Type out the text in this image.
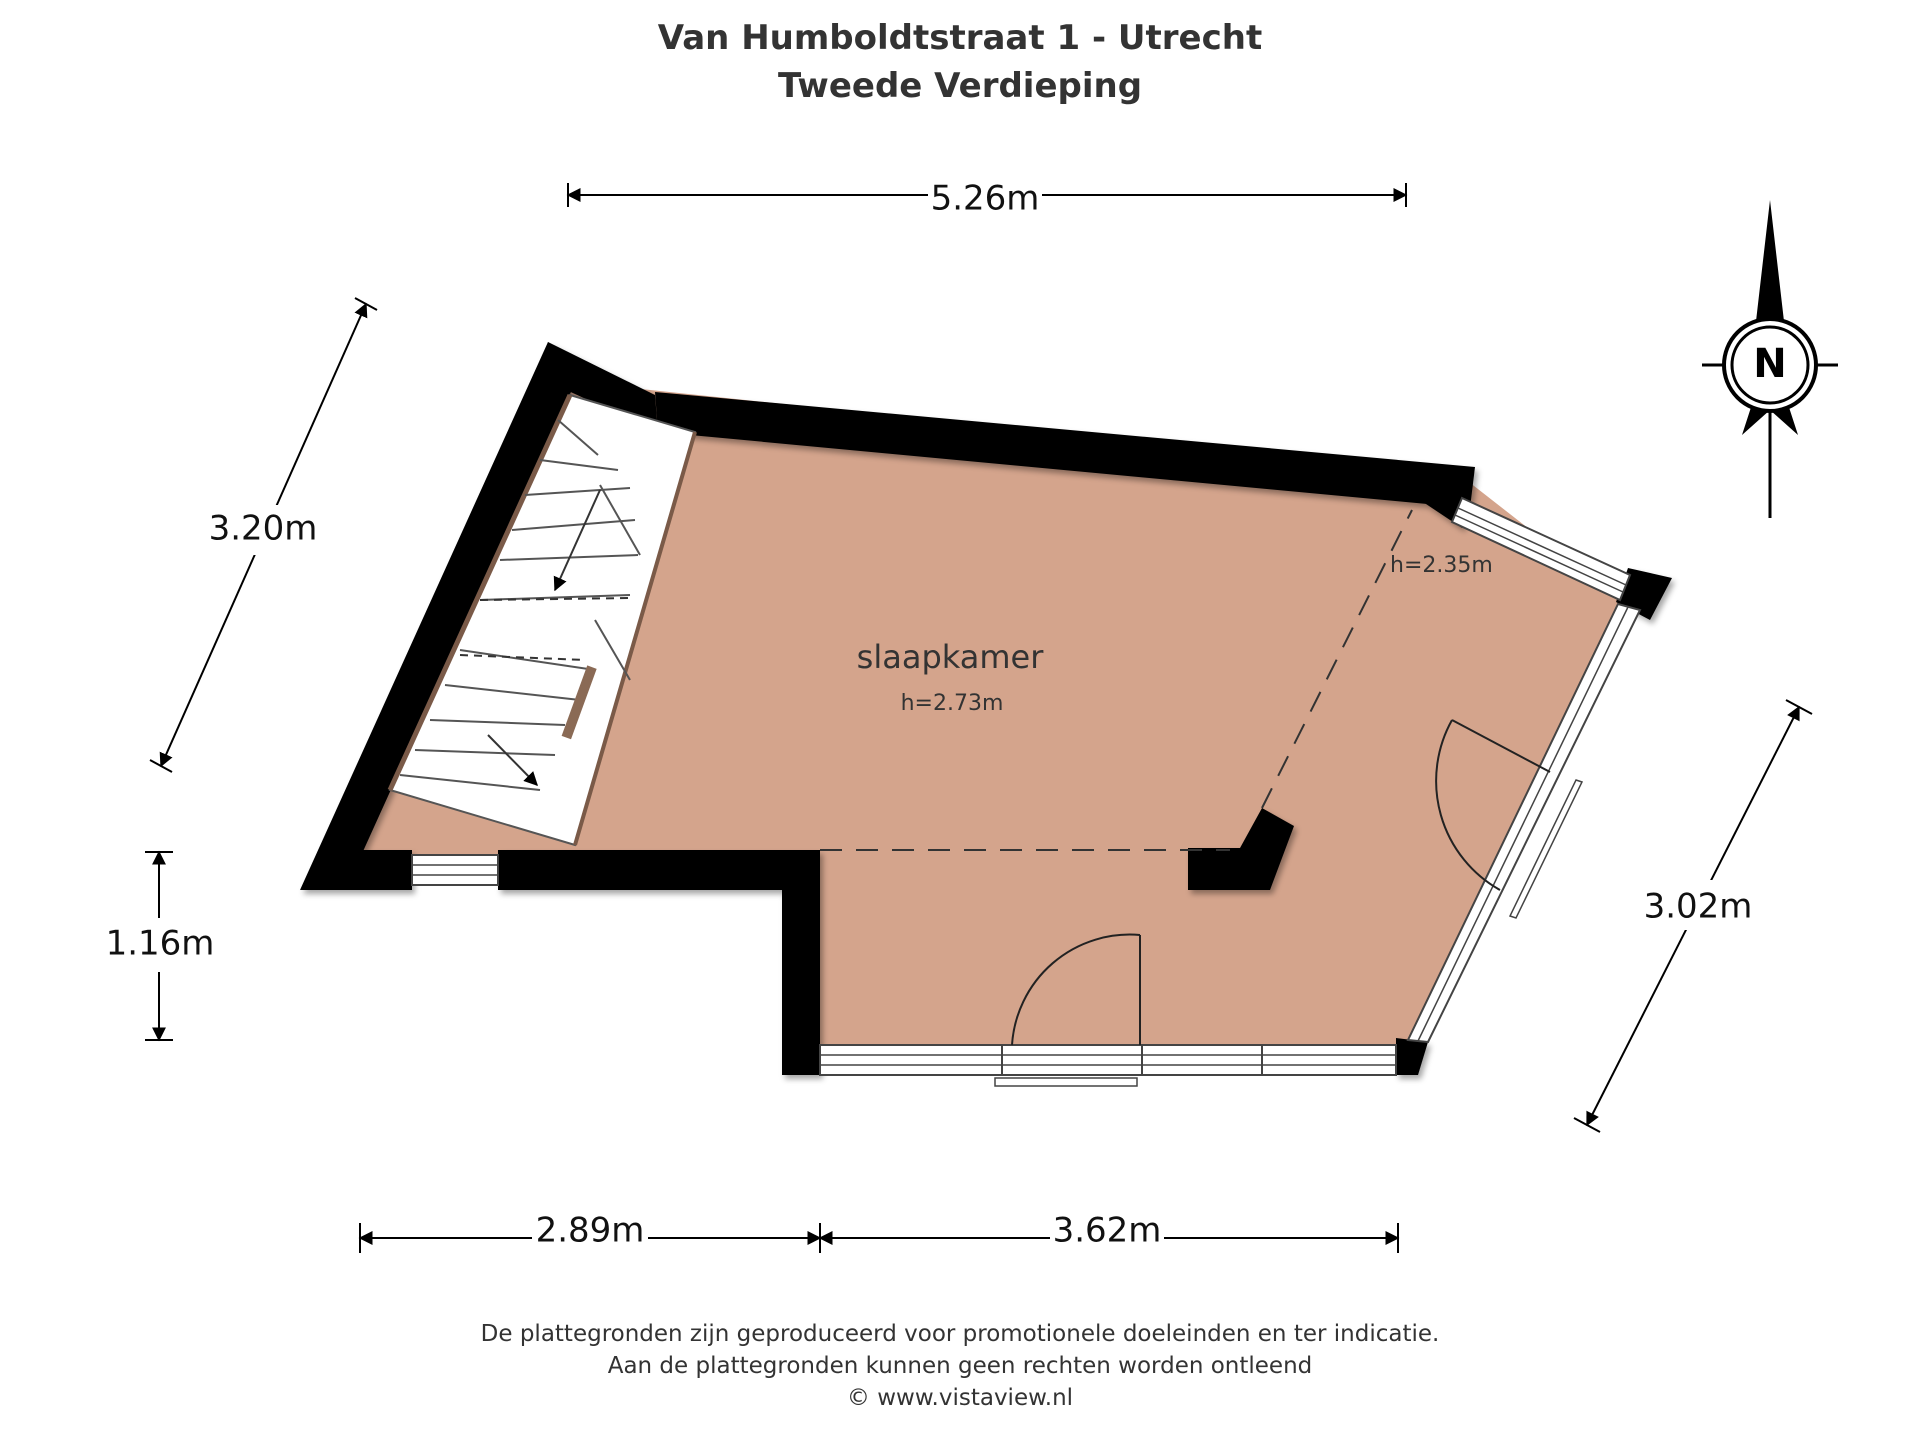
Van Humboldtstraat 1 - Utrecht
Tweede Verdieping
slaapkamer
h=2.73m
h=2.35m
5.26m
3.20m
1.16m
3.02m
2.89m	3.62m
N
De plattegronden zijn geproduceerd voor promotionele doeleinden en ter indicatie.
Aan de plattegronden kunnen geen rechten worden ontleend
© www.vistaview.nl
